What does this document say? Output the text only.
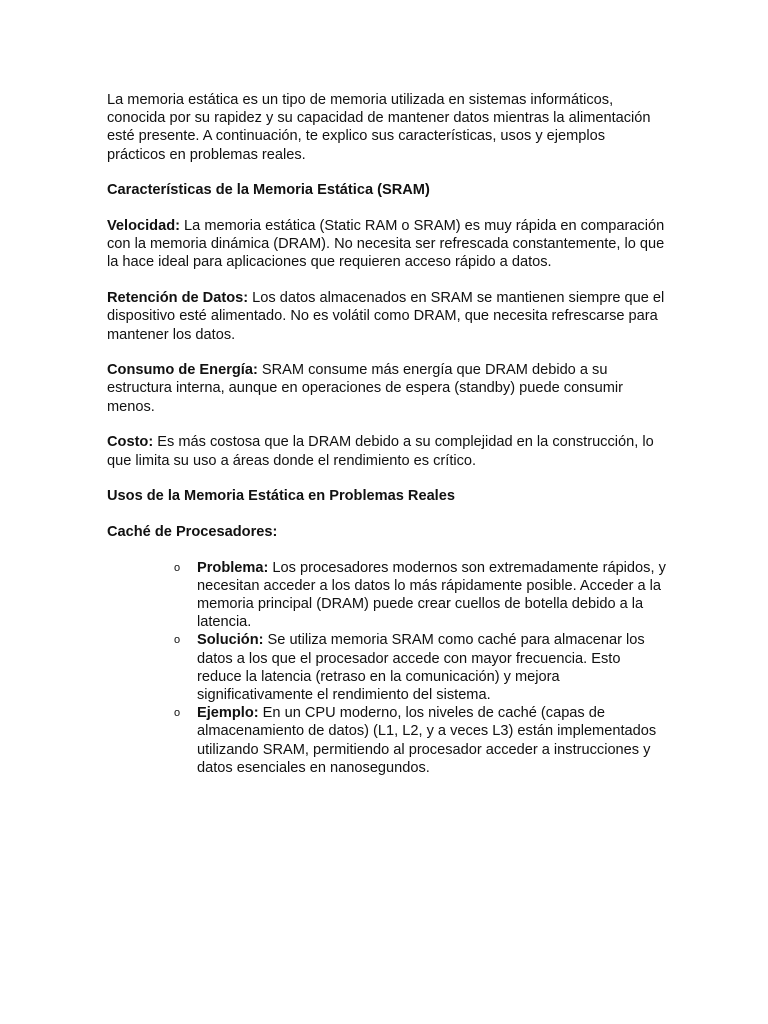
La memoria estática es un tipo de memoria utilizada en sistemas informáticos, conocida por su rapidez y su capacidad de mantener datos mientras la alimentación esté presente. A continuación, te explico sus características, usos y ejemplos prácticos en problemas reales.

Características de la Memoria Estática (SRAM)

Velocidad: La memoria estática (Static RAM o SRAM) es muy rápida en comparación con la memoria dinámica (DRAM). No necesita ser refrescada constantemente, lo que la hace ideal para aplicaciones que requieren acceso rápido a datos.

Retención de Datos: Los datos almacenados en SRAM se mantienen siempre que el dispositivo esté alimentado. No es volátil como DRAM, que necesita refrescarse para mantener los datos.

Consumo de Energía: SRAM consume más energía que DRAM debido a su estructura interna, aunque en operaciones de espera (standby) puede consumir menos.

Costo: Es más costosa que la DRAM debido a su complejidad en la construcción, lo que limita su uso a áreas donde el rendimiento es crítico.

Usos de la Memoria Estática en Problemas Reales

Caché de Procesadores:

o Problema: Los procesadores modernos son extremadamente rápidos, y necesitan acceder a los datos lo más rápidamente posible. Acceder a la memoria principal (DRAM) puede crear cuellos de botella debido a la latencia.
o Solución: Se utiliza memoria SRAM como caché para almacenar los datos a los que el procesador accede con mayor frecuencia. Esto reduce la latencia (retraso en la comunicación) y mejora significativamente el rendimiento del sistema.
o Ejemplo: En un CPU moderno, los niveles de caché (capas de almacenamiento de datos) (L1, L2, y a veces L3) están implementados utilizando SRAM, permitiendo al procesador acceder a instrucciones y datos esenciales en nanosegundos.
